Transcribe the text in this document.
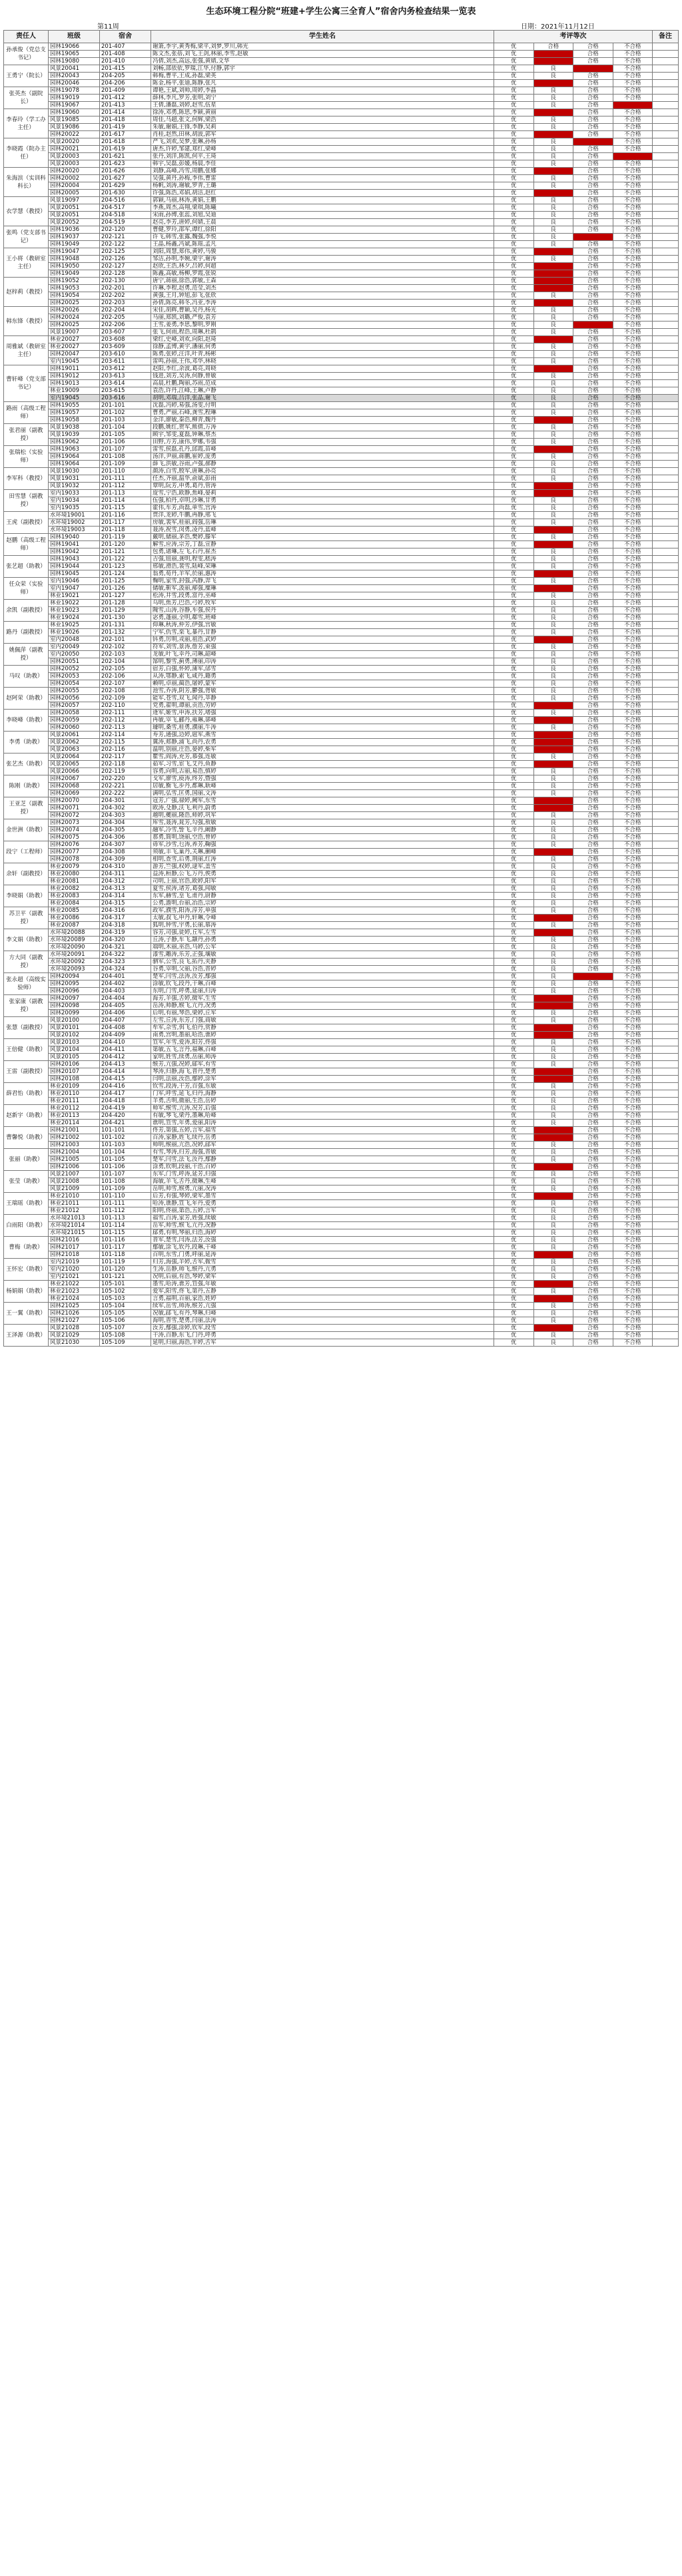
生态环境工程分院“班建+学生公寓三全育人”宿舍内务检查结果一览表
第11周	日期：2021年11月12日
责任人	班级	宿舍	学生姓名	考评等次				备注
孙承俊（党总支书记）	园林19066	201-407	谢箫,李宇,黄秀梅,梁平,刘梦,罗川,韩光	优	合格	合格	不合格	
	园林19065	201-408	陈文杰,张蓓,刘飞,王剑,林丽,李雪,赵敏	优		合格	不合格	
	园林19080	201-410	冯倩,刘杰,高远,张强,黄婧,文华	优		合格	不合格	
王勇宁（院长）	风景20041	201-415	刘畅,邵依依,罗瑞,江华,付静,郭宇	优	良		不合格	
	园林20043	204-205	韩梅,曹平,王成,孙磊,梁英	优	良	合格	不合格	
	园林20046	204-206	陈金,杨平,张迪,陈静,张凡	优		合格	不合格	
张英杰（副院长）	园林19078	201-409	谭艳,王斌,刘帅,周婷,李晶	优	良	合格	不合格	
	园林19019	201-412	薛林,李凡,罗芳,张明,刘宁	优	良	合格	不合格	
	园林19067	201-413	王倩,潘磊,刘婷,赵雪,伍星	优	良	合格		
李春玲（学工办主任）	园林19060	201-414	徐涛,邓勇,陈思,李颖,黄丽	优		合格	不合格	
	风景19085	201-418	周佳,马超,张文,何辉,梁浩	优	良	合格	不合格	
	风景19086	201-419	朱敏,谢娟,王锋,李静,吴莉	优	良	合格	不合格	
	园林20022	201-617	肖桂,赵然,田林,胡波,郭军	优		合格	不合格	
李晓霞（院办主任）	风景20020	201-618	严飞,刘欢,吴梦,张琳,孙杨	优	良		不合格	
	园林20021	201-619	唐杰,许婷,邹建,郑红,梁峰	优	良	合格	不合格	
	风景20003	201-621	张丹,刘洋,陈凯,何平,王琦	优	良	合格		
	风景20003	201-623	韩宇,吴磊,彭媛,杨晨,李佳	优	良	合格	不合格	
朱海滨（实训科科长）	园林20020	201-626	刘静,高峰,冯雪,周鹏,张娜	优		合格	不合格	
	园林20002	201-627	吴强,黄丹,孙梅,李伟,曹雷	优	良	合格	不合格	
	园林20004	201-629	杨帆,刘涛,谢敏,罗青,王璐	优	良	合格	不合格	
	园林20005	201-630	许强,陈浩,邓娟,胡洁,赵红	优		合格	不合格	
衣学慧（教授）	风景19097	204-516	郭颖,马丽,林涛,黄娟,王鹏	优	良	合格	不合格	
	风景20051	204-517	李燕,周杰,高翔,梁琪,陈曦	优	良	合格	不合格	
	风景20051	204-518	宋雨,孙博,张蕊,刘旭,吴迪	优	良	合格	不合格	
	风景20052	204-519	赵亮,李芳,唐婷,何婧,王晨	优	良	合格	不合格	
张鸣（党支部书记）	园林19036	202-120	曹健,罗玲,邵军,谭红,徐阳	优	良	合格	不合格	
	园林19037	202-121	许飞,韩雪,张露,魏强,李悦	优	良		不合格	
	园林19049	202-122	王晶,杨鑫,冯斌,陈瑶,孟凡	优	良	合格	不合格	
王小将（教研室主任）	园林19047	202-125	刘阳,周慧,郑伟,黄婷,马骏	优		合格	不合格	
	园林19048	202-126	邹洁,孙明,李婉,梁宇,谢涛	优	良	合格	不合格	
	园林19050	202-127	赵欣,王浩,林夕,吕婷,何超	优		合格	不合格	
	园林19049	202-128	陈鑫,高敏,杨柳,罗霞,张锐	优		合格	不合格	
赵梓莉（教授）	园林19052	202-130	唐宁,蒋丽,徐浩,郭敏,王森	优		合格	不合格	
	园林19053	202-201	许琳,李程,赵勇,范莹,刘杰	优		合格	不合格	
	园林19054	202-202	黄强,王月,钟旭,彭飞,张欣	优	良	合格	不合格	
	园林20025	202-203	孙倩,陈亮,韩冬,冯亚,李涛	优		合格	不合格	
韩东锋（教授）	园林20026	202-204	宋佳,胡辉,曹颖,吴丹,杨光	优	良	合格	不合格	
	园林20024	202-205	马丽,郑凯,刘璐,严俊,袁芳	优	良	合格	不合格	
	园林20025	202-206	王雪,姜勇,李思,黎明,罗刚	优	良		不合格	
	风景19007	203-607	张飞,何雨,程浩,周琳,杜鹃	优	良	合格	不合格	
周雅斌（教研室主任）	林业20027	203-608	梁红,史峰,刘欢,向阳,赵琦	优		合格	不合格	
	林业20027	203-609	徐静,孟博,黄宇,潘丽,何勇	优	良	合格	不合格	
	园林20047	203-610	陈勇,张婷,汪洋,叶青,杨彬	优	良	合格	不合格	
	室内19045	203-611	雷鸣,孙丽,王伟,邓华,林晓	优	良	合格	不合格	
曹轩峰（党支部书记）	园林19011	203-612	赵阳,李红,余波,葛亮,周晓	优		合格	不合格	
	园林19012	203-613	钱进,刘芳,吴涛,何静,曾敏	优	良	合格	不合格	
	园林19013	203-614	高晨,杜鹏,陶丽,苏雨,范成	优	良	合格	不合格	
	林业19009	203-615	袁浩,许丹,江峰,王琳,卢静	优	良	合格	不合格	
	室内19045	203-616	胡明,邓瑞,吕洋,张晶,谢飞	优	良	合格	不合格	
路雨（高级工程师）	园林19055	201-101	沈磊,冯婷,易强,汤雯,付明	优	良	合格	不合格	
	园林19057	201-102	曹勇,严丽,石峰,龚雪,程琳	优	良	合格	不合格	
	园林19058	201-103	金洋,廖敏,秦浩,柳青,魏丹	优		合格	不合格	
张君丽（副教授）	风景19038	201-104	段鹏,姚红,贺军,熊倩,万涛	优	良	合格	不合格	
	风景19039	201-105	顾宇,邹雯,夏磊,钟琳,蔡杰	优	良	合格	不合格	
	园林19062	201-106	田野,方芳,康伟,罗娜,韦强	优	良	合格	不合格	
张瑞松（实验师）	园林19063	201-107	雷雪,侯磊,孔丹,邱霞,苗峰	优		合格	不合格	
	园林19064	201-108	汤洋,尹丽,蒋鹏,崔婷,庞勇	优	良	合格	不合格	
	园林19064	201-109	薛飞,洪敏,谷雨,卢强,郝静	优	良	合格	不合格	
李军科（教授）	风景19030	201-110	颜涛,白雪,殷军,唐琳,孙亮	优	良	合格	不合格	
	风景19031	201-111	任杰,齐丽,温华,俞斌,彭雨	优	良	合格	不合格	
	风景19032	201-112	覃明,阮芳,申勇,葛丹,管涛	优		合格	不合格	
田雪慧（副教授）	室内19033	201-113	庞雪,宁浩,欧静,焦峰,晏莉	优		合格	不合格	
	室内19034	201-114	伍强,柏丹,卓明,沙琳,甘勇	优	良	合格	不合格	
	室内19035	201-115	霍伟,车芳,尚磊,单雪,宫涛	优	良	合格	不合格	
王虎（副教授）	水环境19001	201-116	贾洋,龙婷,牛鹏,冉静,邢飞	优	良	合格	不合格	
	水环境19002	201-117	房敏,裴军,桂丽,阎强,岳琳	优	良	合格	不合格	
	水环境19003	201-118	聂涛,祝雪,闵勇,凌丹,蓝峰	优		合格	不合格	
赵鹏（高级工程师）	园林19040	201-119	戴明,储丽,茅浩,樊婷,滕军	优	良	合格	不合格	
	园林19041	201-120	解雪,应涛,宗芳,丁磊,宣静	优		合格	不合格	
	园林19042	201-121	包勇,诸琳,左飞,石丹,崔杰	优	良	合格	不合格	
张艺超（助教）	园林19043	201-122	吉强,钮丽,龚明,程雯,嵇涛	优	良	合格	不合格	
	园林19044	201-123	邢敏,滑浩,裴雪,陆峰,荣琳	优	良	合格	不合格	
	园林19045	201-124	翁勇,荀丹,羊军,於丽,惠涛	优		合格	不合格	
任众荣（实验师）	室内19046	201-125	麴明,家雪,封强,芮静,羿飞	优	良	合格	不合格	
	室内19047	201-126	储敏,靳军,汲丽,邴强,糜琳	优		合格	不合格	
	林业19021	201-127	松涛,井雪,段勇,富丹,巫峰	优	良	合格	不合格	
余凯（副教授）	林业19022	201-128	乌明,焦芳,巴浩,弓婷,牧军	优	良	合格	不合格	
	林业19023	201-129	隗雪,山涛,谷静,车强,侯丹	优	良	合格	不合格	
	林业19024	201-130	宓勇,蓬丽,全明,郗雪,班峰	优	良	合格	不合格	
路丹（副教授）	林业19025	201-131	仰琳,秋涛,仲芳,伊强,宫敏	优	良	合格	不合格	
	林业19026	201-132	宁军,仇雪,栾飞,暴丹,甘静	优	良	合格	不合格	
	室内20048	202-101	钭勇,厉明,戎丽,祖浩,武婷	优		合格	不合格	
姚佩萍（副教授）	室内20049	202-102	符军,刘雪,景涛,詹芳,束强	优	良	合格	不合格	
	室内20050	202-103	龙敏,叶飞,幸丹,司琳,韶峰	优	良	合格	不合格	
	园林20051	202-104	郜明,黎雪,蓟勇,薄丽,印涛	优	良	合格	不合格	
马叹（助教）	园林20052	202-105	宿芳,白强,怀婷,蒲军,邰雪	优	良	合格	不合格	
	园林20053	202-106	从涛,鄂静,索飞,咸丹,籍勇	优	良	合格	不合格	
	园林20054	202-107	赖明,卓丽,蔺浩,屠婷,蒙军	优	良	合格	不合格	
赵阿荣（助教）	园林20055	202-108	池雪,乔涛,阴芳,鬱强,胥敏	优	良	合格	不合格	
	园林20056	202-109	能军,苍雪,双飞,闻丹,莘静	优	良	合格	不合格	
	园林20057	202-110	党勇,翟明,谭丽,贡浩,劳婷	优		合格	不合格	
李晓峰（助教）	园林20058	202-111	逄军,姬雪,申涛,扶芳,堵强	优	良	合格	不合格	
	园林20059	202-112	冉敏,宰飞,郦丹,雍琳,郤峰	优		合格	不合格	
	园林20060	202-113	璩明,桑雪,桂勇,濮丽,牛涛	优	良	合格	不合格	
李勇（助教）	风景20061	202-114	寿芳,通强,边婷,扈军,燕雪	优		合格	不合格	
	风景20062	202-115	冀涛,郏静,浦飞,尚丹,农勇	优		合格	不合格	
	风景20063	202-116	温明,别丽,庄浩,晏婷,柴军	优		合格	不合格	
张艺杰（助教）	风景20064	202-117	瞿雪,阎涛,充芳,慕强,连敏	优	良	合格	不合格	
	风景20065	202-118	茹军,习雪,宦飞,艾丹,鱼静	优		合格	不合格	
	风景20066	202-119	容勇,向明,古丽,易浩,慎婷	优	良	合格	不合格	
陈刚（助教）	园林20067	202-220	戈军,廖雪,庾涛,终芳,暨强	优	良	合格	不合格	
	园林20068	202-221	居敏,衡飞,步丹,都琳,耿峰	优	良	合格	不合格	
	园林20069	202-222	满明,弘雪,匡勇,国丽,文涛	优	良	合格	不合格	
王亚芝（副教授）	园林20070	204-301	寇芳,广强,禄婷,阙军,东雪	优		合格	不合格	
	园林20071	204-302	欧涛,殳静,沃飞,利丹,蔚勇	优		合格	不合格	
	园林20072	204-303	越明,夔丽,隆浩,师婷,巩军	优	良	合格	不合格	
金世洲（助教）	园林20073	204-304	厍雪,聂涛,晁芳,勾强,敖敏	优	良	合格	不合格	
	园林20074	204-305	融军,冷雪,訾飞,辛丹,阚静	优	良	合格	不合格	
	园林20075	204-306	那勇,简明,饶丽,空浩,曾婷	优	良	合格	不合格	
段宁（工程师）	园林20076	204-307	毋军,沙雪,乜涛,养芳,鞠强	优	良	合格	不合格	
	园林20077	204-308	须敏,丰飞,巢丹,关琳,蒯峰	优		合格	不合格	
	园林20078	204-309	相明,查雪,后勇,荆丽,红涛	优	良	合格	不合格	
余轩（副教授）	林业20079	204-310	游芳,竺强,权婷,逯军,盖雪	优	良	合格	不合格	
	林业20080	204-311	益涛,桓静,公飞,万丹,俟勇	优	良	合格	不合格	
	林业20081	204-312	司明,上丽,官浩,欧婷,阳军	优	良	合格	不合格	
李晓娟（助教）	林业20082	204-313	夏雪,侯涛,诸芳,葛强,闻敏	优	良	合格	不合格	
	林业20083	204-314	东军,赫雪,皇飞,甫丹,尉静	优	良	合格	不合格	
	林业20084	204-315	公勇,澹明,台丽,冶浩,宗婷	优	良	合格	不合格	
苏卫平（副教授）	林业20085	204-316	政军,濮雪,阳涛,淳芳,单强	优	良	合格	不合格	
	林业20086	204-317	太敏,叔飞,申丹,轩琳,令峰	优		合格	不合格	
	林业20087	204-318	狐明,钟雪,宇勇,长丽,慕涛	优	良	合格	不合格	
李文娟（助教）	水环境20088	204-319	容芳,司强,徒婷,丘军,左雪	优		合格	不合格	
	水环境20089	204-320	丘涛,子静,车飞,颛丹,孙勇	优	良	合格	不合格	
	水环境20090	204-321	端明,木丽,巫浩,马婷,公军	优	良	合格	不合格	
方大同（副教授）	水环境20091	204-322	漆雪,雕涛,乐芳,正强,壤敏	优	良	合格	不合格	
	水环境20092	204-323	驷军,公雪,良飞,拓丹,夹静	优	良	合格	不合格	
	水环境20093	204-324	谷勇,宰明,父丽,谷浩,晋婷	优	良	合格	不合格	
张永超（高级实验师）	园林20094	204-401	楚军,闫雪,法涛,汝芳,鄢强	优	良		不合格	
	园林20095	204-402	涂敏,钦飞,段丹,干琳,百峰	优	良	合格	不合格	
	园林20096	204-403	东明,门雪,呼勇,延丽,归涛	优	良	合格	不合格	
张家康（副教授）	园林20097	204-404	海芳,羊强,舌婷,微军,生雪	优		合格	不合格	
	园林20098	204-405	岳涛,帅静,缑飞,亢丹,况勇	优		合格	不合格	
	园林20099	204-406	后明,有丽,琴浩,梁婷,丘军	优	良	合格	不合格	
张慧（副教授）	风景20100	204-407	左雪,丘涛,东芳,门强,商敏	优	良	合格	不合格	
	风景20101	204-408	牟军,佘雪,佴飞,伯丹,赏静	优		合格	不合格	
	风景20102	204-409	南勇,宫明,墨丽,哈浩,谯婷	优		合格	不合格	
王倍健（助教）	风景20103	204-410	笪军,年雪,爱涛,阳芳,佟强	优	良	合格	不合格	
	风景20104	204-411	第敏,五飞,言丹,福琳,百峰	优	良	合格	不合格	
	风景20105	204-412	家明,姓雪,续勇,岳丽,帅涛	优	良	合格	不合格	
王雷（副教授）	园林20106	204-413	缑芳,亢强,况婷,郈军,有雪	优	良	合格	不合格	
	园林20107	204-414	琴涛,归静,海飞,晋丹,楚勇	优		合格	不合格	
	园林20108	204-415	闫明,法丽,汝浩,鄢婷,涂军	优		合格	不合格	
薛君怡（助教）	林业20109	204-416	钦雪,段涛,干芳,百强,东敏	优	良	合格	不合格	
	林业20110	204-417	门军,呼雪,延飞,归丹,海静	优	良	合格	不合格	
	林业20111	204-418	羊勇,舌明,微丽,生浩,岳婷	优	良	合格	不合格	
赵新宇（助教）	林业20112	204-419	帅军,缑雪,亢涛,况芳,后强	优	良	合格	不合格	
	林业20113	204-420	有敏,琴飞,梁丹,墨琳,哈峰	优	良	合格	不合格	
	林业20114	204-421	谯明,笪雪,年勇,爱丽,阳涛	优	良	合格	不合格	
曹馨悦（助教）	园林21001	101-101	佟芳,第强,五婷,言军,福雪	优		合格	不合格	
	园林21002	101-102	百涛,家静,姓飞,续丹,岳勇	优		合格	不合格	
	园林21003	101-103	帅明,缑丽,亢浩,况婷,郈军	优	良	合格	不合格	
张丽（助教）	园林21004	101-104	有雪,琴涛,归芳,海强,晋敏	优	良	合格	不合格	
	园林21005	101-105	楚军,闫雪,法飞,汝丹,鄢静	优	良	合格	不合格	
	园林21006	101-106	涂勇,钦明,段丽,干浩,百婷	优		合格	不合格	
张莹（助教）	风景21007	101-107	东军,门雪,呼涛,延芳,归强	优	良	合格	不合格	
	风景21008	101-108	海敏,羊飞,舌丹,微琳,生峰	优	良	合格	不合格	
	风景21009	101-109	岳明,帅雪,缑勇,亢丽,况涛	优	良	合格	不合格	
王瑞瑶（助教）	林业21010	101-110	后芳,有强,琴婷,梁军,墨雪	优		合格	不合格	
	林业21011	101-111	哈涛,谯静,笪飞,年丹,爱勇	优	良	合格	不合格	
	林业21012	101-112	阳明,佟丽,第浩,五婷,言军	优	良	合格	不合格	
白雨阳（助教）	水环境21013	101-113	福雪,百涛,家芳,姓强,续敏	优	良	合格	不合格	
	水环境21014	101-114	岳军,帅雪,缑飞,亢丹,况静	优	良	合格	不合格	
	水环境21015	101-115	郈勇,有明,琴丽,归浩,海婷	优	良	合格	不合格	
曹梅（助教）	园林21016	101-116	晋军,楚雪,闫涛,法芳,汝强	优	良	合格	不合格	
	园林21017	101-117	鄢敏,涂飞,钦丹,段琳,干峰	优	良	合格	不合格	
	园林21018	101-118	百明,东雪,门勇,呼丽,延涛	优		合格	不合格	
王怀宏（助教）	室内21019	101-119	归芳,海强,羊婷,舌军,微雪	优	良	合格	不合格	
	室内21020	101-120	生涛,岳静,帅飞,缑丹,亢勇	优	良	合格	不合格	
	室内21021	101-121	况明,后丽,有浩,琴婷,梁军	优	良	合格	不合格	
杨娟娟（助教）	林业21022	105-101	墨雪,哈涛,谯芳,笪强,年敏	优		合格	不合格	
	林业21023	105-102	爱军,阳雪,佟飞,第丹,五静	优	良	合格	不合格	
	林业21024	105-103	言勇,福明,百丽,家浩,姓婷	优		合格	不合格	
王一翼（助教）	园林21025	105-104	续军,岳雪,帅涛,缑芳,亢强	优	良	合格	不合格	
	园林21026	105-105	况敏,郈飞,有丹,琴琳,归峰	优	良	合格	不合格	
	园林21027	105-106	海明,晋雪,楚勇,闫丽,法涛	优	良	合格	不合格	
王泽源（助教）	风景21028	105-107	汝芳,鄢强,涂婷,钦军,段雪	优		合格	不合格	
	风景21029	105-108	干涛,百静,东飞,门丹,呼勇	优	良	合格	不合格	
	风景21030	105-109	延明,归丽,海浩,羊婷,舌军	优	良	合格	不合格	
